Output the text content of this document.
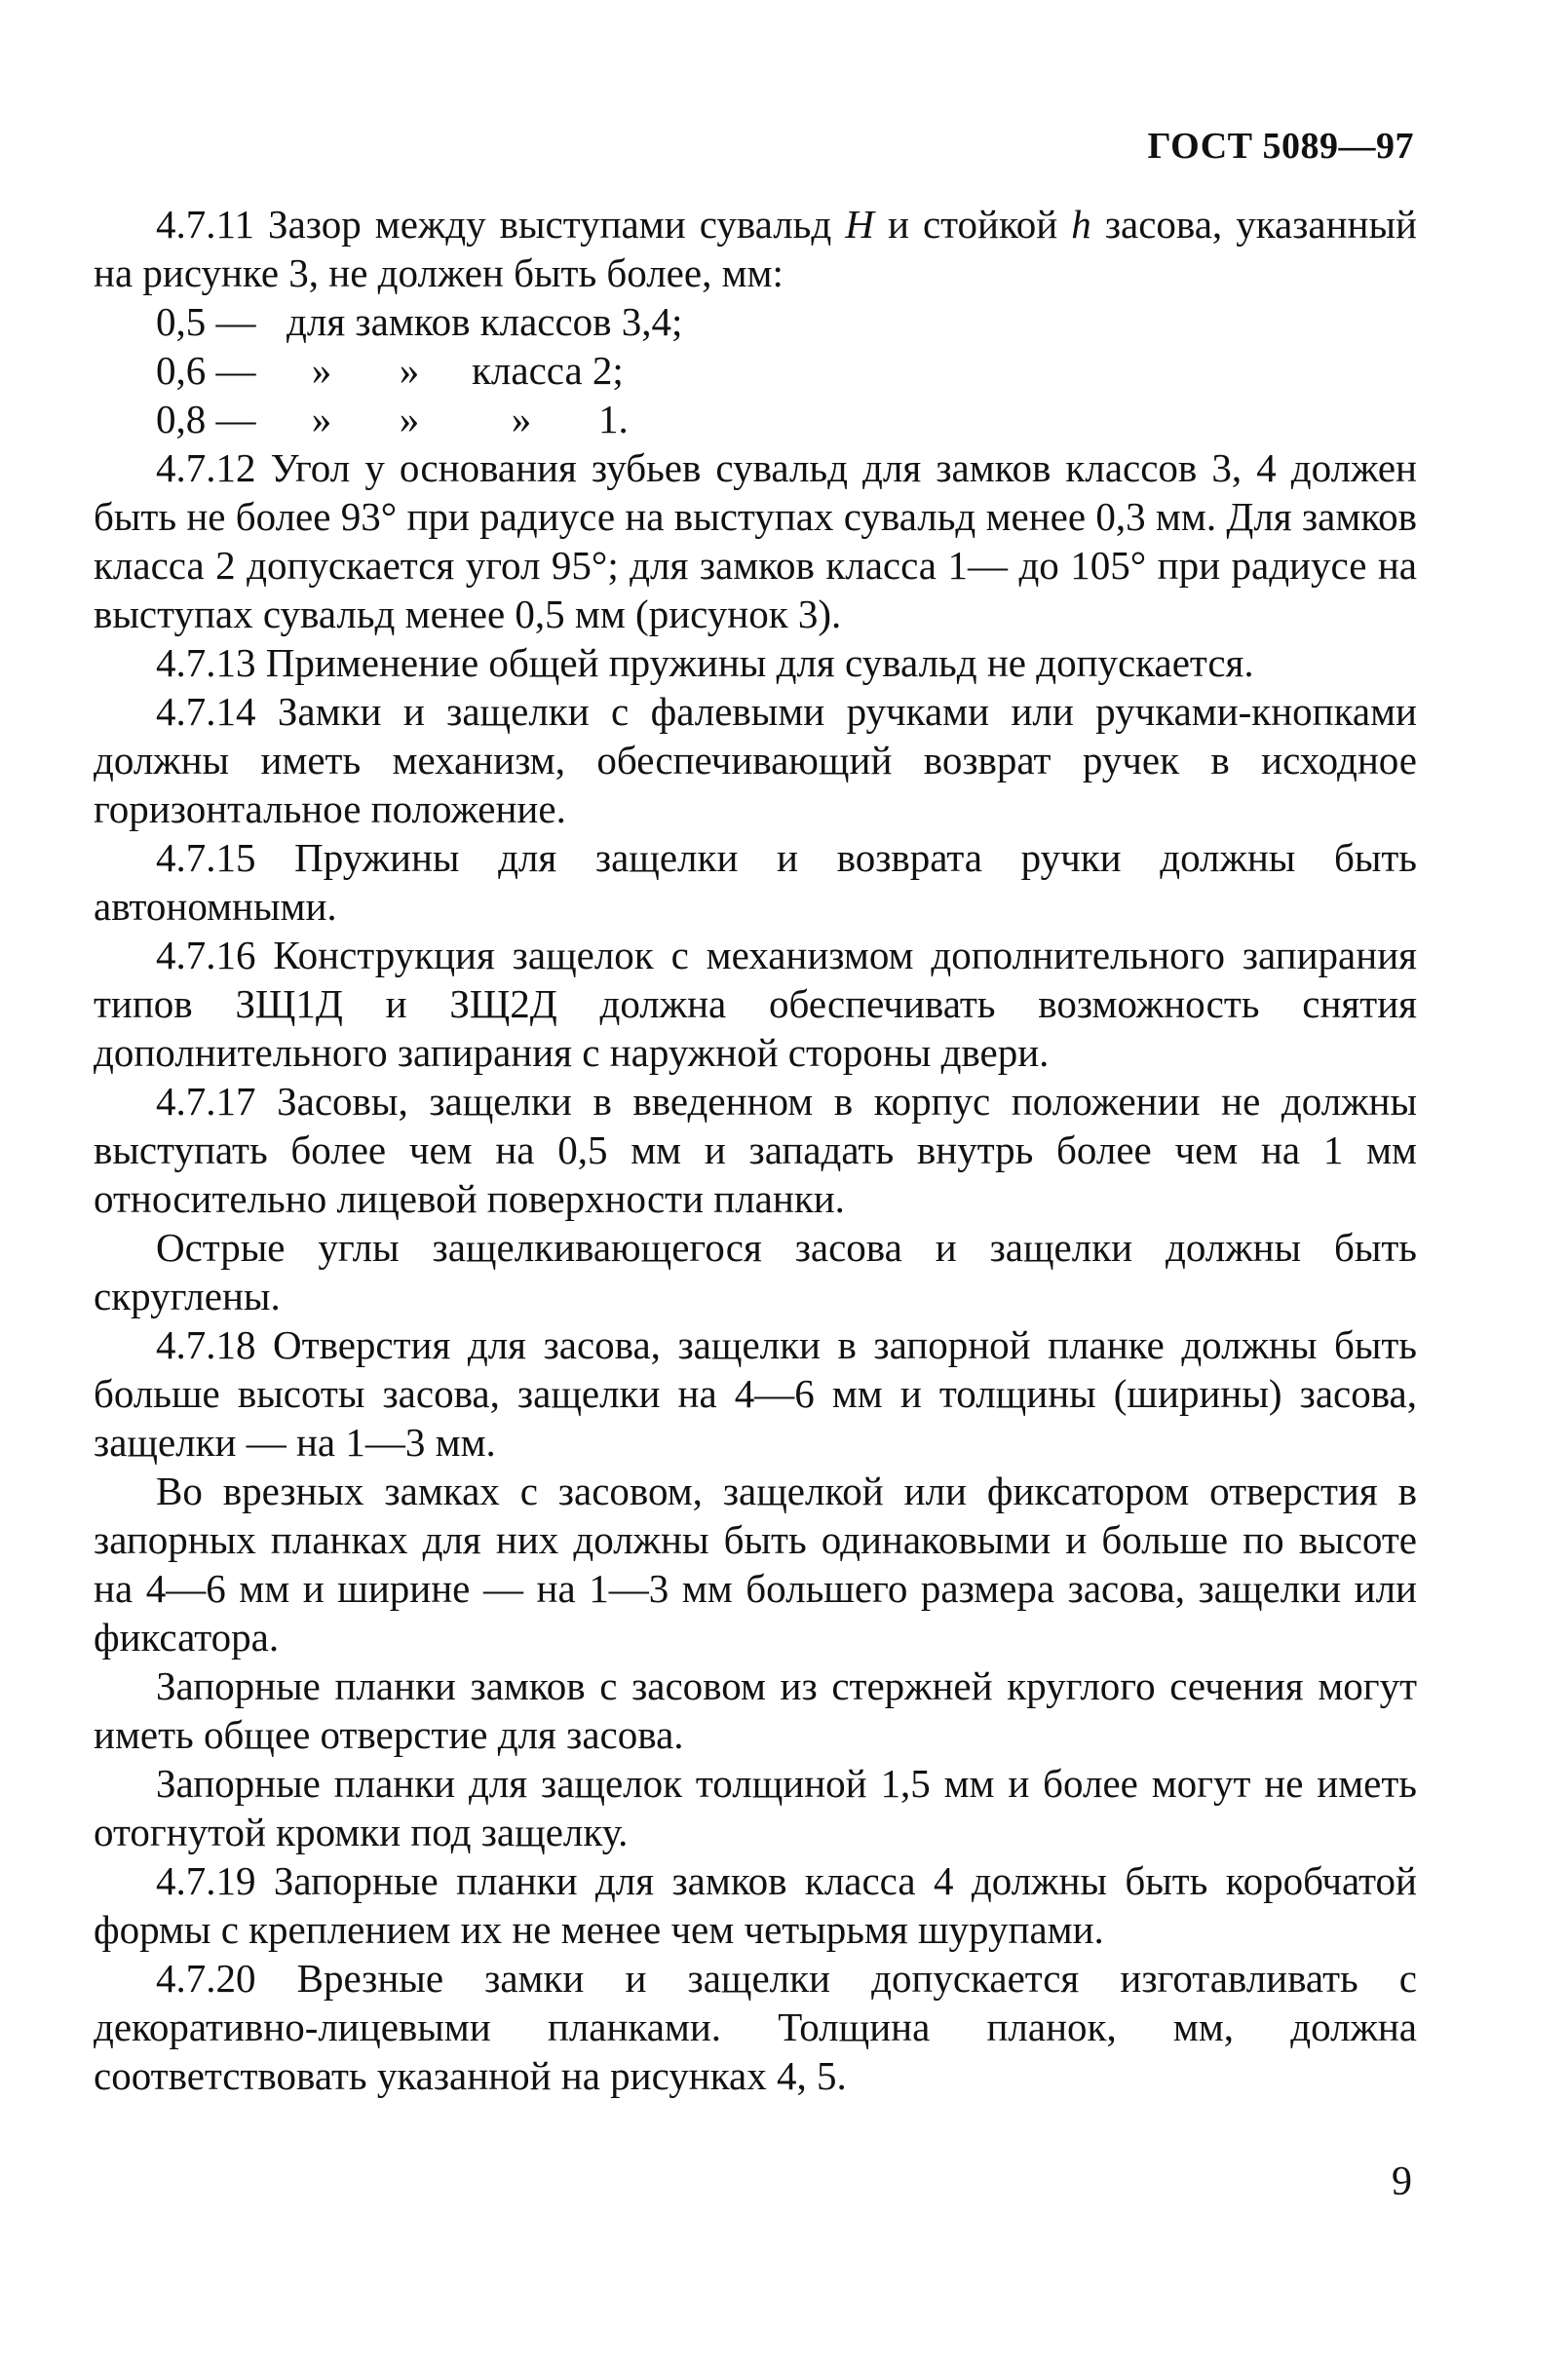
ГОСТ 5089—97

4.7.11 Зазор между выступами сувальд H и стойкой h засова, указанный на рисунке 3, не должен быть более, мм:

0,5 — для замков классов 3,4;
0,6 —	»	»	класса 2;
0,8 —	»	»	»	1.

4.7.12 Угол у основания зубьев сувальд для замков классов 3, 4 должен быть не более 93° при радиусе на выступах сувальд менее 0,3 мм. Для замков класса 2 допускается угол 95°; для замков класса 1— до 105° при радиусе на выступах сувальд менее 0,5 мм (рисунок 3).

4.7.13 Применение общей пружины для сувальд не допускается.

4.7.14 Замки и защелки с фалевыми ручками или ручками-кнопками должны иметь механизм, обеспечивающий возврат ручек в исходное горизонтальное положение.

4.7.15 Пружины для защелки и возврата ручки должны быть автономными.

4.7.16 Конструкция защелок с механизмом дополнительного запирания типов ЗЩ1Д и ЗЩ2Д должна обеспечивать возможность снятия дополнительного запирания с наружной стороны двери.

4.7.17 Засовы, защелки в введенном в корпус положении не должны выступать более чем на 0,5 мм и западать внутрь более чем на 1 мм относительно лицевой поверхности планки.

Острые углы защелкивающегося засова и защелки должны быть скруглены.

4.7.18 Отверстия для засова, защелки в запорной планке должны быть больше высоты засова, защелки на 4—6 мм и толщины (ширины) засова, защелки — на 1—3 мм.

Во врезных замках с засовом, защелкой или фиксатором отверстия в запорных планках для них должны быть одинаковыми и больше по высоте на 4—6 мм и ширине — на 1—3 мм большего размера засова, защелки или фиксатора.

Запорные планки замков с засовом из стержней круглого сечения могут иметь общее отверстие для засова.

Запорные планки для защелок толщиной 1,5 мм и более могут не иметь отогнутой кромки под защелку.

4.7.19 Запорные планки для замков класса 4 должны быть коробчатой формы с креплением их не менее чем четырьмя шурупами.

4.7.20 Врезные замки и защелки допускается изготавливать с декоративно-лицевыми планками. Толщина планок, мм, должна соответствовать указанной на рисунках 4, 5.

9
